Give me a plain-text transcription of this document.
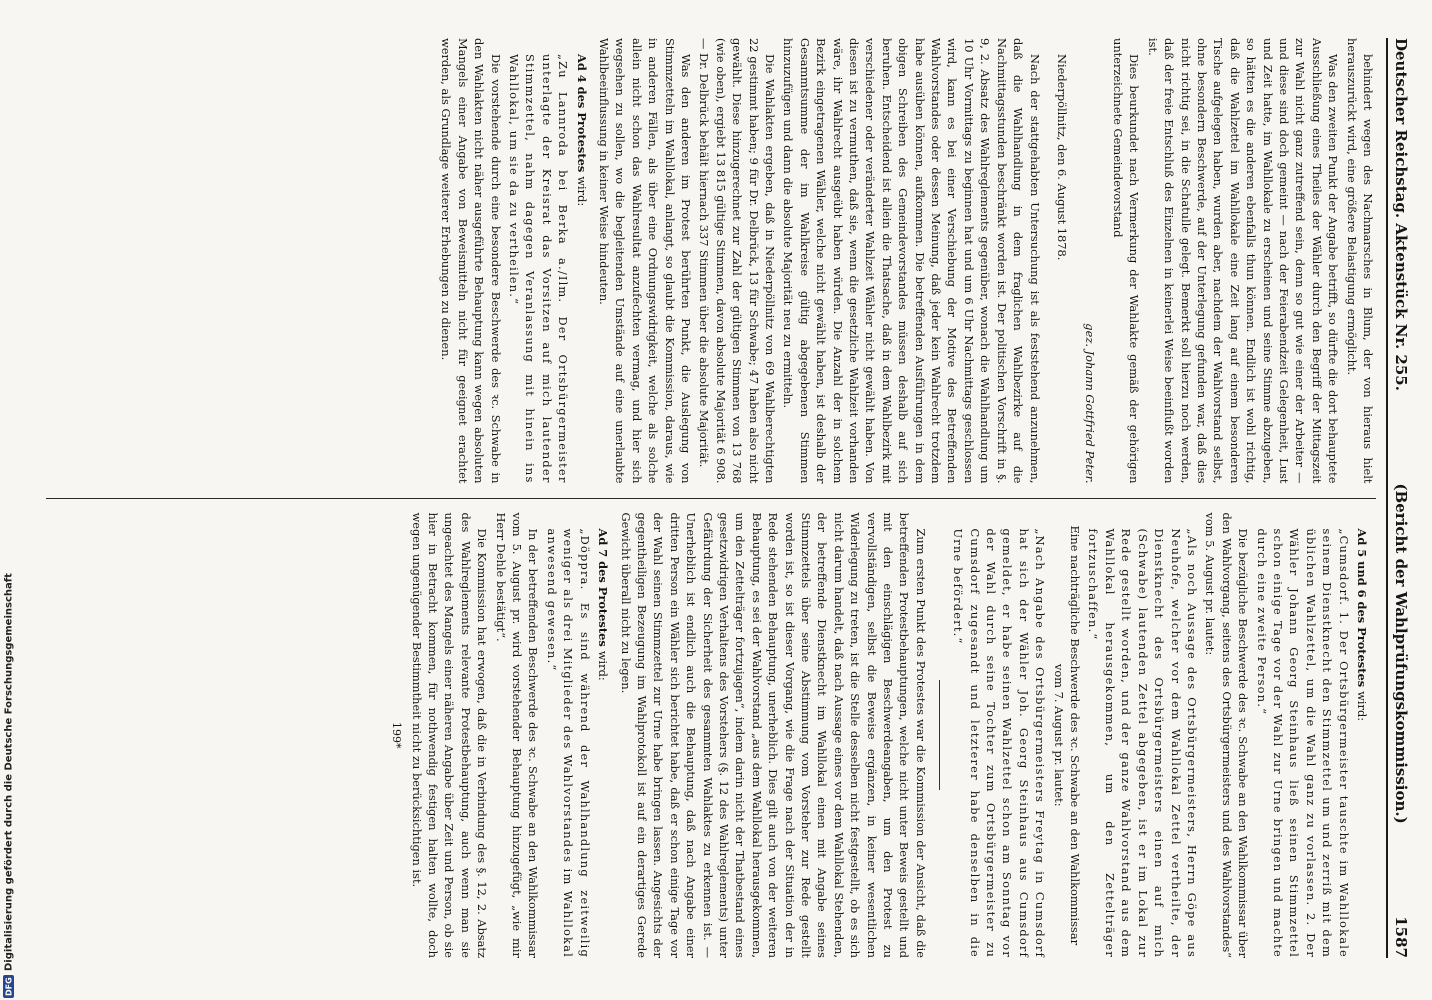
Deutscher Reichstag. Aktenstück Nr. 255.
(Bericht der Wahlprüfungskommission.)
1587

behindert wegen des Nachmarsches in Blum, der von hieraus hielt herauszurückt wird, eine größere Belastigung ermöglicht.

Was den zweiten Punkt der Angabe betrifft, so dürfte die dort behauptete Ausschließung eines Theiles der Wähler durch den Begriff der Mittagszeit zur Wahl nicht ganz zutreffend sein, denn so gut wie einer der Arbeiter — und diese sind doch gemeint — nach der Feierabendzeit Gelegenheit, Lust und Zeit hatte, im Wahllokale zu erscheinen und seine Stimme abzugeben, so hätten es die anderen ebenfalls thun können. Endlich ist wohl richtig, daß die Wahlzettel im Wahllokale eine Zeit lang auf einem besonderen Tische aufgelegen haben, wurden aber, nachdem der Wahlvorstand selbst, ohne besondern Beschwerde, auf der Unterlegung gefunden war, daß dies nicht richtig sei, in die Schatulle gelegt. Bemerkt soll hierzu noch werden, daß der freie Entschluß des Einzelnen in keinerlei Weise beeinflußt worden ist.

Dies beurkundet nach Vermerkung der Wahlakte gemäß der gehörigen unterzeichnete Gemeindevorstand

gez. Johann Gottfried Peter.

Niederpöllnitz, den 6. August 1878.

Nach der stattgehabten Untersuchung ist als feststehend anzunehmen, daß die Wahlhandlung in dem fraglichen Wahlbezirke auf die Nachmittagsstunden beschränkt worden ist. Der politischen Vorschrift in §. 9, 2. Absatz des Wahlreglements gegenüber, wonach die Wahlhandlung um 10 Uhr Vormittags zu beginnen hat und um 6 Uhr Nachmittags geschlossen wird, kann es bei einer Verschiebung der Motive des Betreffenden Wahlvorstandes oder dessen Meinung, daß jeder kein Wahlrecht trotzdem habe ausüben können, aufkommen. Die betreffenden Ausführungen in dem obigen Schreiben des Gemeindevorstandes müssen deshalb auf sich beruhen. Entscheidend ist allein die Thatsache, daß in dem Wahlbezirk mit verschiedener oder veränderter Wahlzeit Wähler nicht gewählt haben. Von diesen ist zu vermuthen, daß sie, wenn die gesetzliche Wahlzeit vorhanden wäre, ihr Wahlrecht ausgeübt haben würden. Die Anzahl der in solchem Bezirk eingetragenen Wähler, welche nicht gewählt haben, ist deshalb der Gesammtsumme der im Wahlkreise gültig abgegebenen Stimmen hinzuzufügen und dann die absolute Majorität neu zu ermitteln.

Die Wahlakten ergeben, daß in Niederpöllnitz von 69 Wahlberechtigten 22 gestimmt haben; 9 für Dr. Delbrück, 13 für Schwabe; 47 haben also nicht gewählt. Diese hinzugerechnet zur Zahl der gültigen Stimmen von 13 768 (wie oben), ergiebt 13 815 gültige Stimmen, davon absolute Majorität 6 908. — Dr. Delbrück behält hiernach 337 Stimmen über die absolute Majorität.

Was den anderen im Protest berührten Punkt, die Auslegung von Stimmzetteln im Wahllokal, anlangt, so glaubt die Kommission, daraus, wie in anderen Fällen, als über eine Ordnungswidrigkeit, welche als solche allein nicht schon das Wahlresultat anzufechten vermag, und hier sich wegsehen zu sollen, wo die begleitenden Umstände auf eine unerlaubte Wahlbeeinflussung in keiner Weise hindeuten.

Ad 4 des Protestes wird:

„Zu Lannroda bei Berka a./Ilm. Der Ortsbürgermeister unterlagte der Kreisrat das Vorsitzen auf mich lautender Stimmzettel, nahm dagegen Veranlassung mit hinein ins Wahllokal, um sie da zu vertheilen.“

Die vorstehende durch eine besondere Beschwerde des ꝛc. Schwabe in den Wahlakten nicht näher ausgeführte Behauptung kann wegen absoluten Mangels einer Angabe von Beweismitteln nicht für geeignet erachtet werden, als Grundlage weiterer Erhebungen zu dienen.

Ad 5 und 6 des Protestes wird:

„Cumsdorf. 1. Der Ortsbürgermeister tauschte im Wahllokale seinem Dienstknecht den Stimmzettel um und zerriß mit dem üblichen Wahlzettel, um die Wahl ganz zu vorlassen. 2. Der Wähler Johann Georg Steinhaus ließ seinen Stimmzettel schon einige Tage vor der Wahl zur Urne bringen und machte durch eine zweite Person.“

Die bezügliche Beschwerde des ꝛc. Schwabe an den Wahlkommissar über den Wahlvorgang, seitens des Ortsbürgermeisters und des Wahlvorstandes“ vom 5. August pr. lautet:

„Als noch Aussage des Ortsbürgermeisters, Herrn Göpe aus Neuhofe, welcher vor dem Wahllokal Zettel vertheilte, der Dienstknecht des Ortsbürgermeisters einen auf mich (Schwabe) lautenden Zettel abgegeben, ist er im Lokal zur Rede gestellt worden, und der ganze Wahlvorstand aus dem Wahllokal herausgekommen, um den Zettelträger fortzuschaffen.“

Eine nachträgliche Beschwerde des ꝛc. Schwabe an den Wahlkommissar vom 7. August pr. lautet:

„Nach Angabe des Ortsbürgermeisters Freytag in Cumsdorf hat sich der Wähler Joh. Georg Steinhaus aus Cumsdorf gemeldet, er habe seinen Wahlzettel schon am Sonntag vor der Wahl durch seine Tochter zum Ortsbürgermeister zu Cumsdorf zugesandt und letzterer habe denselben in die Urne befördert.“

Zum ersten Punkt des Protestes war die Kommission der Ansicht, daß die betreffenden Protestbehauptungen, welche nicht unter Beweis gestellt und mit den einschlägigen Beschwerdeangaben, um den Protest zu vervollständigen, selbst die Beweise ergänzen, in keiner wesentlichen Widerlegung zu treten, ist die Stelle desselben nicht festgestellt, ob es sich nicht darum handelt, daß nach Aussage eines vor dem Wahllokal Stehenden, der betreffende Dienstknecht im Wahllokal einen mit Angabe seines Stimmzettels über seine Abstimmung vom Vorsteher zur Rede gestellt worden ist, so ist dieser Vorgang, wie die Frage nach der Situation der in Rede stehenden Behauptung, unerheblich. Dies gilt auch von der weiteren Behauptung, es sei der Wahlvorstand „aus dem Wahllokal herausgekommen, um den Zettelträger fortzujagen“, indem darin nicht der Thatbestand eines gesetzwidrigen Verhaltens des Vorstehers (§. 12 des Wahlreglements) unter Gefährdung der Sicherheit des gesammten Wahlaktes zu erkennen ist. — Unerheblich ist endlich auch die Behauptung, daß nach Angabe einer dritten Person ein Wähler sich berichtet habe, daß er schon einige Tage vor der Wahl seinen Stimmzettel zur Urne habe bringen lassen. Angesichts der gegentheiligen Bezeugung im Wahlprotokoll ist auf ein derartiges Gerede Gewicht überall nicht zu legen.

Ad 7 des Protestes wird:

„Döppra. Es sind während der Wahlhandlung zeitweilig weniger als drei Mitglieder des Wahlvorstandes im Wahllokal anwesend gewesen.“

In der betreffenden Beschwerde des ꝛc. Schwabe an den Wahlkommissar vom 5. August pr. wird vorstehender Behauptung hinzugefügt, „wie mir Herr Dehle bestätigt“.

Die Kommission hat erwogen, daß die in Verbindung des §. 12, 2. Absatz des Wahlreglements relevante Protestbehauptung, auch wenn man sie ungeachtet des Mangels einer näheren Angabe über Zeit und Person, ob sie hier in Betracht kommen, für nothwendig festigen halten wollte, doch wegen ungenügender Bestimmtheit nicht zu berücksichtigen ist.

199*

DFG
Digitalisierung gefördert durch die Deutsche Forschungsgemeinschaft
